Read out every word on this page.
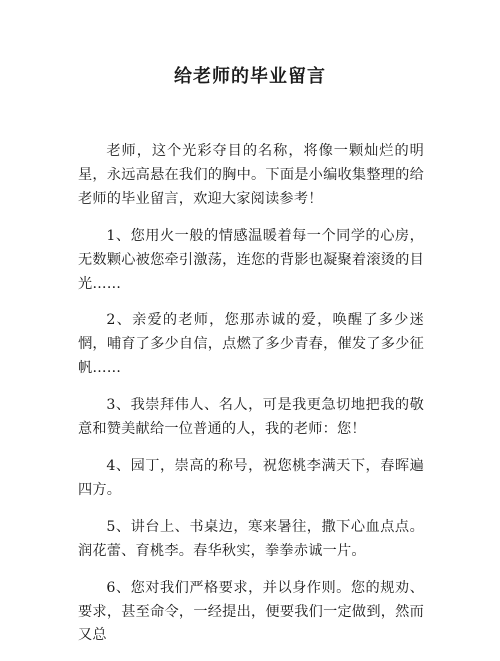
给老师的毕业留言

老师，这个光彩夺目的名称，将像一颗灿烂的明星，永远高悬在我们的胸中。下面是小编收集整理的给老师的毕业留言，欢迎大家阅读参考！

1、您用火一般的情感温暖着每一个同学的心房，无数颗心被您牵引激荡，连您的背影也凝聚着滚烫的目光……

2、亲爱的老师，您那赤诚的爱，唤醒了多少迷惘，哺育了多少自信，点燃了多少青春，催发了多少征帆……

3、我崇拜伟人、名人，可是我更急切地把我的敬意和赞美献给一位普通的人，我的老师：您！

4、园丁，崇高的称号，祝您桃李满天下，春晖遍四方。

5、讲台上、书桌边，寒来暑往，撒下心血点点。润花蕾、育桃李。春华秋实，拳拳赤诚一片。

6、您对我们严格要求，并以身作则。您的规劝、要求，甚至命令，一经提出，便要我们一定做到，然而又总
